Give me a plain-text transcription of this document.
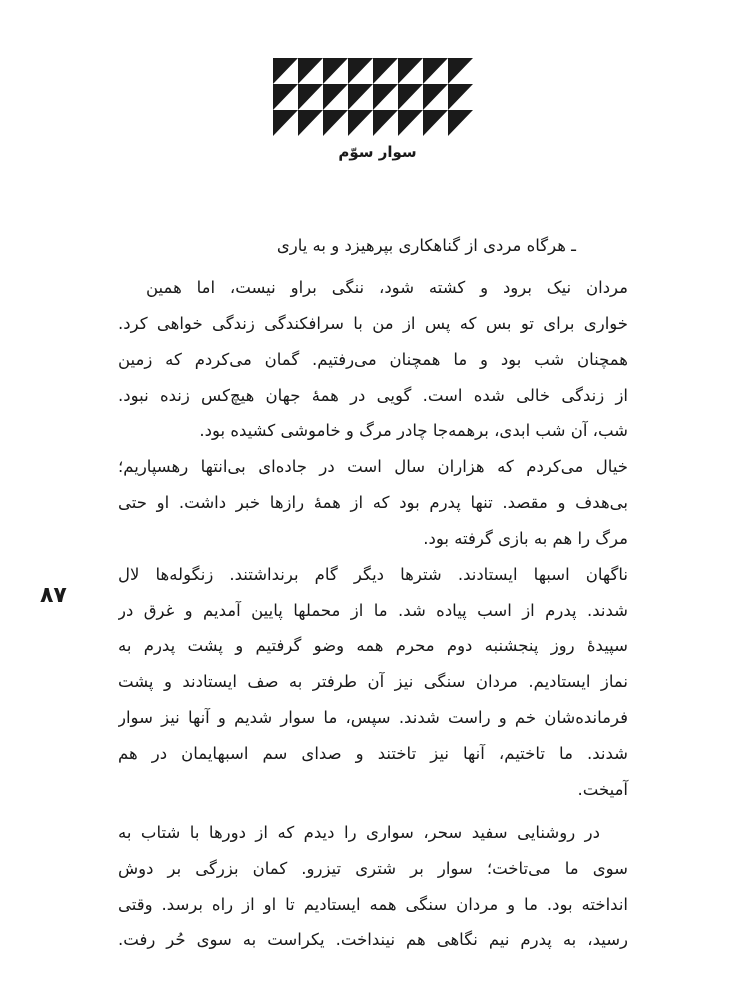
سوار سوّم
۸۷
ـ هرگاه مردی از گناهکاری بپرهیزد و به یاری
مردان نیک برود و کشته شود، ننگی براو نیست، اما همین
خواری برای تو بس که پس از من با سرافکندگی زندگی خواهی کرد.
همچنان شب بود و ما همچنان می‌رفتیم. گمان می‌کردم که زمین
از زندگی خالی شده است. گویی در همهٔ جهان هیچ‌کس زنده نبود.
شب، آن شب ابدی، برهمه‌جا چادر مرگ و خاموشی کشیده بود.
خیال می‌کردم که هزاران سال است در جاده‌ای بی‌انتها رهسپاریم؛
بی‌هدف و مقصد. تنها پدرم بود که از همهٔ رازها خبر داشت. او حتی
مرگ را هم به بازی گرفته بود.
ناگهان اسبها ایستادند. شترها دیگر گام برنداشتند. زنگوله‌ها لال
شدند. پدرم از اسب پیاده شد. ما از محملها پایین آمدیم و غرق در
سپیدهٔ روز پنجشنبه دوم محرم همه وضو گرفتیم و پشت پدرم به
نماز ایستادیم. مردان سنگی نیز آن طرفتر به صف ایستادند و پشت
فرمانده‌شان خم و راست شدند. سپس، ما سوار شدیم و آنها نیز سوار
شدند. ما تاختیم، آنها نیز تاختند و صدای سم اسبهایمان در هم
آمیخت.
در روشنایی سفید سحر، سواری را دیدم که از دورها با شتاب به
سوی ما می‌تاخت؛ سوار بر شتری تیزرو. کمان بزرگی بر دوش
انداخته بود. ما و مردان سنگی همه ایستادیم تا او از راه برسد. وقتی
رسید، به پدرم نیم نگاهی هم نینداخت. یکراست به سوی حُر رفت.
